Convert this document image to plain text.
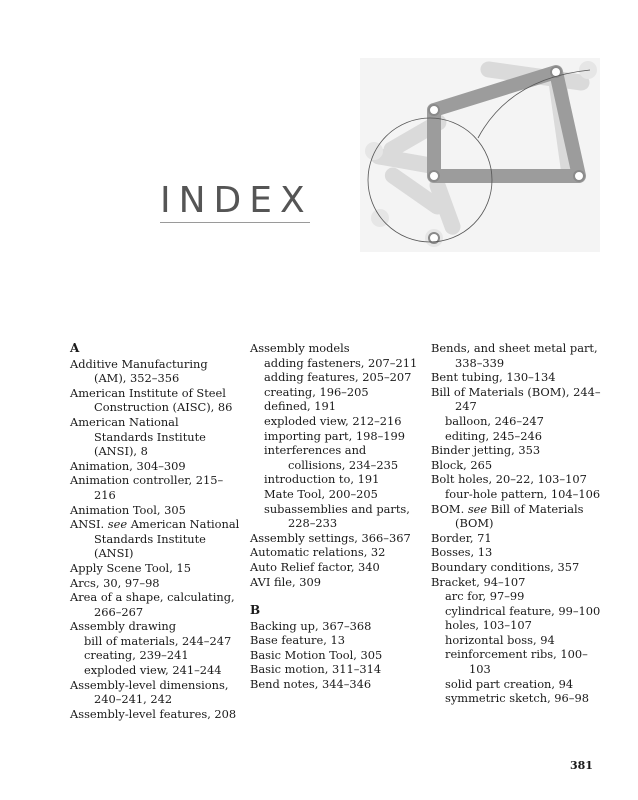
INDEX
A
Additive Manufacturing (AM), 352–356
American Institute of Steel Construction (AISC), 86
American National Standards Institute (ANSI), 8
Animation, 304–309
Animation controller, 215–216
Animation Tool, 305
ANSI. see American National Standards Institute (ANSI)
Apply Scene Tool, 15
Arcs, 30, 97–98
Area of a shape, calculating, 266–267
Assembly drawing
bill of materials, 244–247
creating, 239–241
exploded view, 241–244
Assembly-level dimensions, 240–241, 242
Assembly-level features, 208
Assembly models
adding fasteners, 207–211
adding features, 205–207
creating, 196–205
defined, 191
exploded view, 212–216
importing part, 198–199
interferences and collisions, 234–235
introduction to, 191
Mate Tool, 200–205
subassemblies and parts, 228–233
Assembly settings, 366–367
Automatic relations, 32
Auto Relief factor, 340
AVI file, 309
B
Backing up, 367–368
Base feature, 13
Basic Motion Tool, 305
Basic motion, 311–314
Bend notes, 344–346
Bends, and sheet metal part, 338–339
Bent tubing, 130–134
Bill of Materials (BOM), 244–247
balloon, 246–247
editing, 245–246
Binder jetting, 353
Block, 265
Bolt holes, 20–22, 103–107
four-hole pattern, 104–106
BOM. see Bill of Materials (BOM)
Border, 71
Bosses, 13
Boundary conditions, 357
Bracket, 94–107
arc for, 97–99
cylindrical feature, 99–100
holes, 103–107
horizontal boss, 94
reinforcement ribs, 100–103
solid part creation, 94
symmetric sketch, 96–98
381
